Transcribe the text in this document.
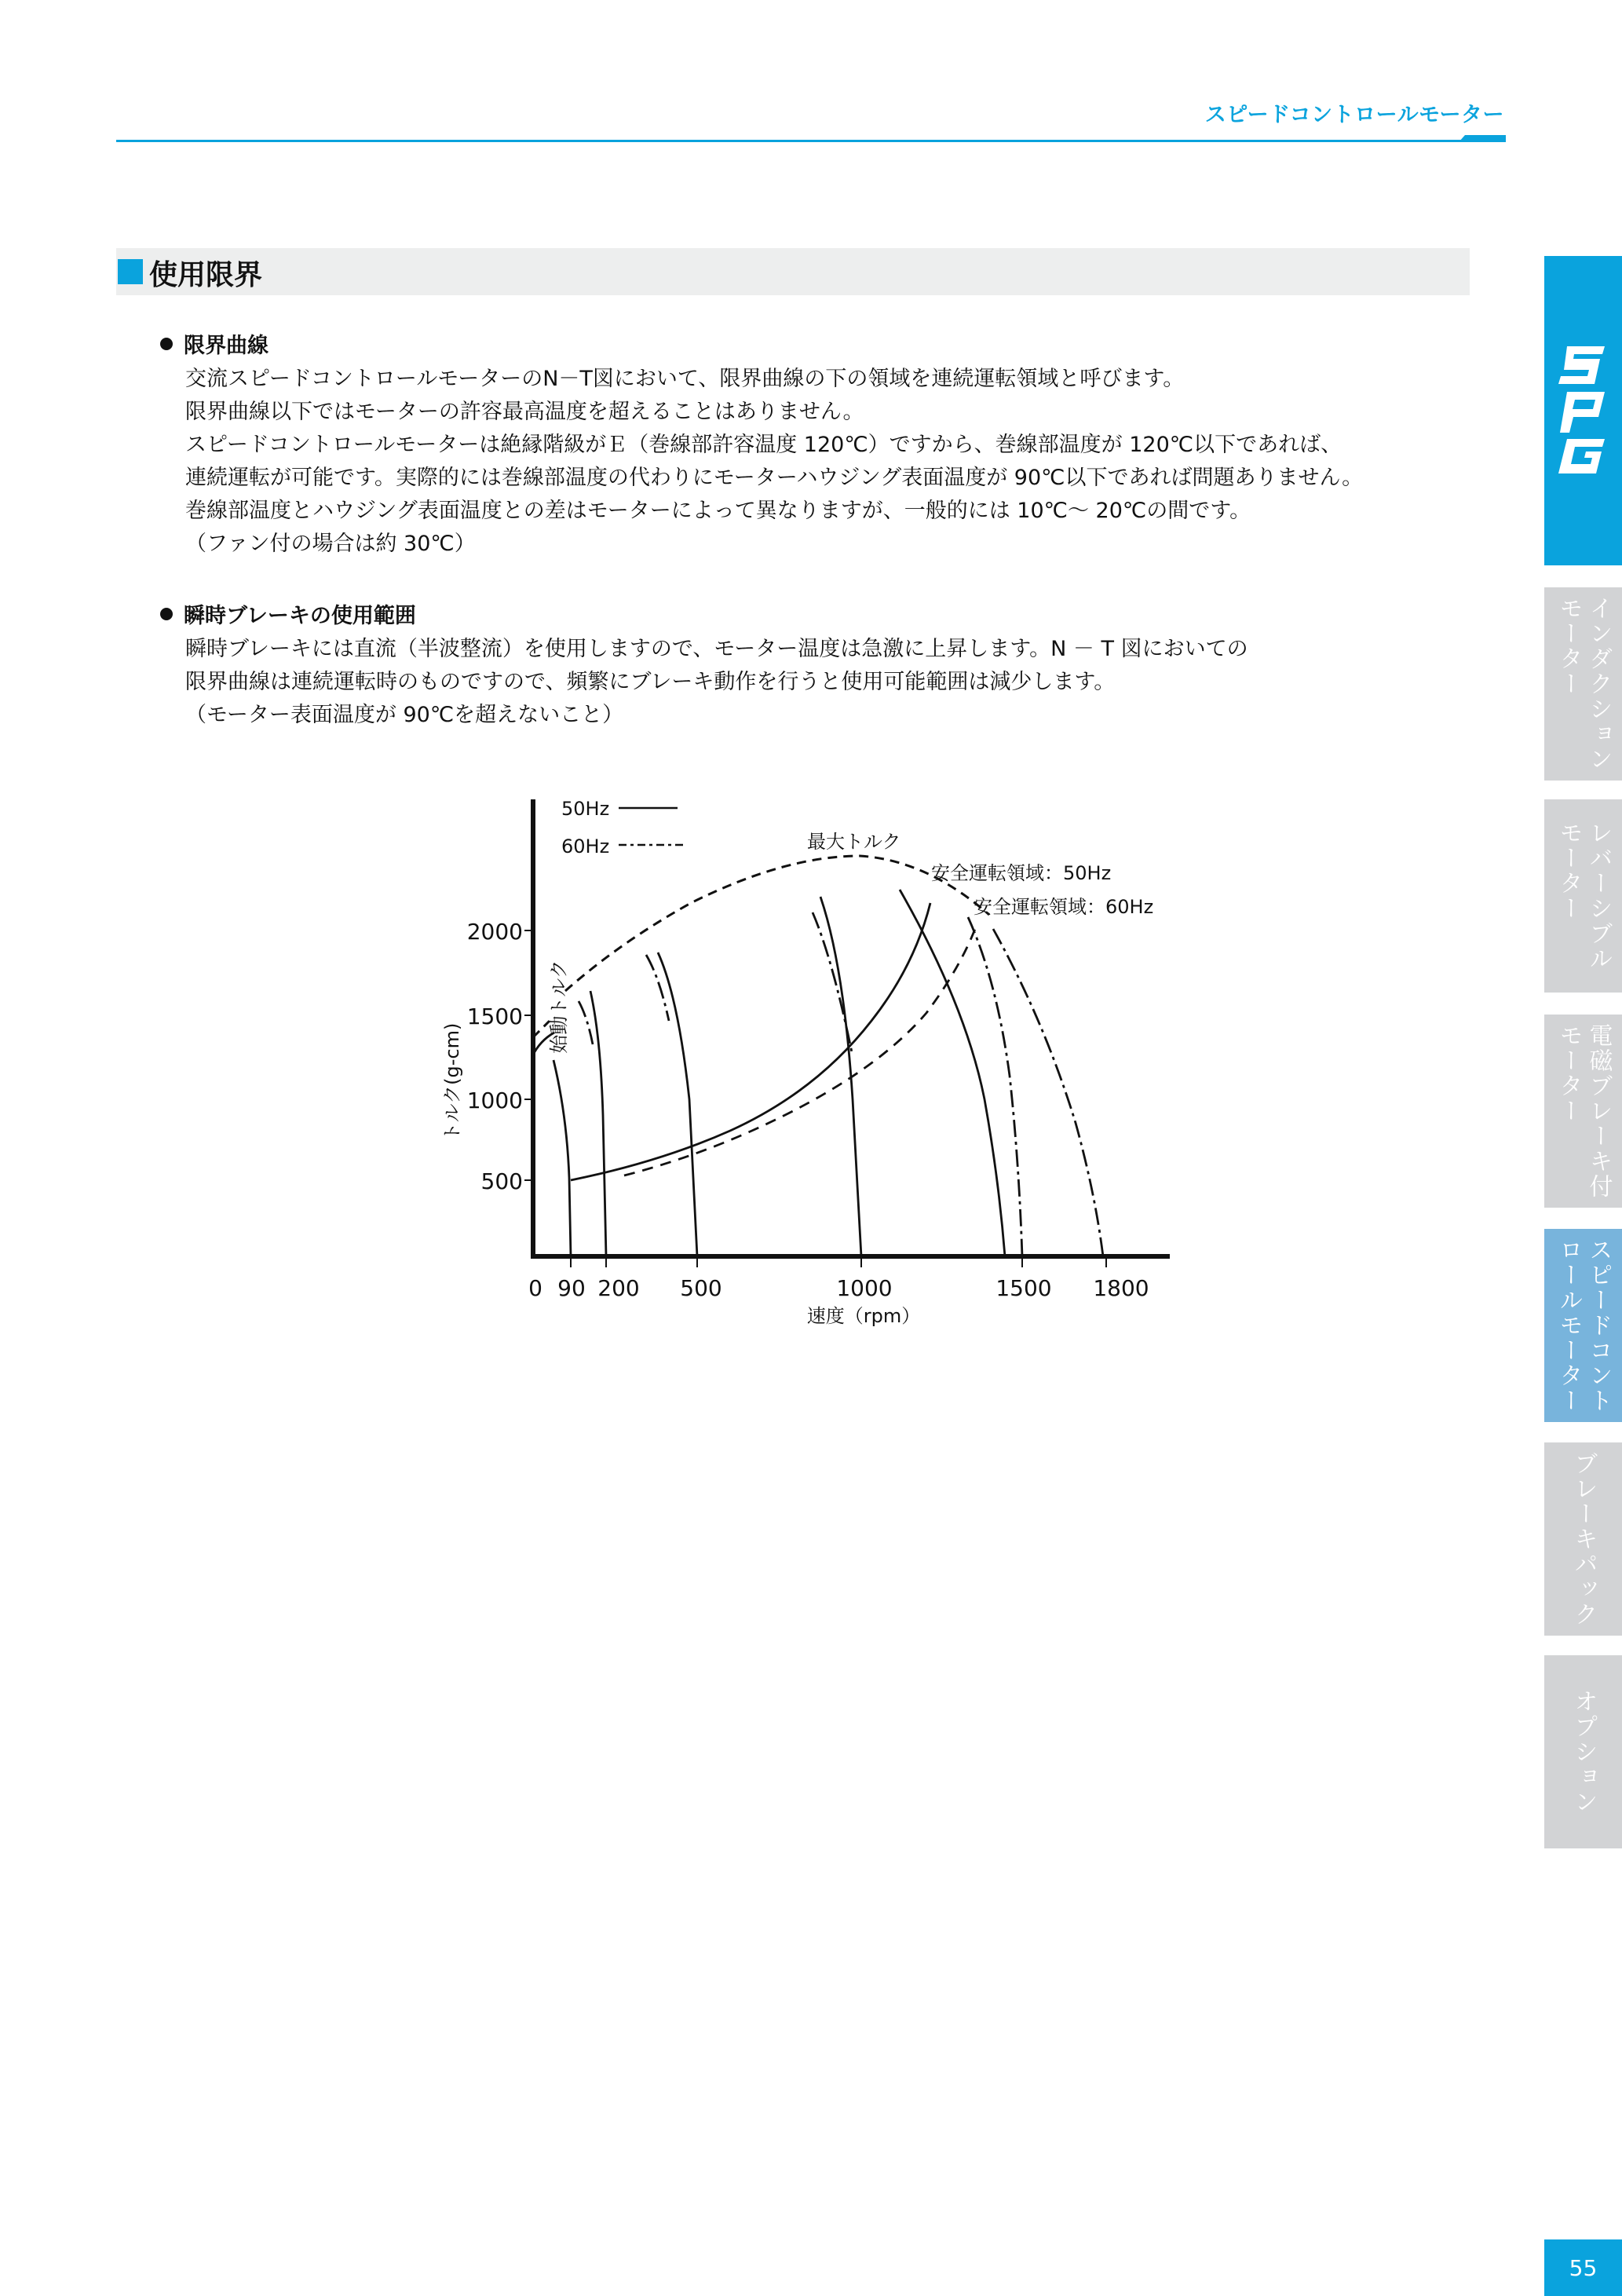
スピードコントロールモーター
使用限界
限界曲線
交流スピードコントロールモーターのN－T図において、限界曲線の下の領域を連続運転領域と呼びます。
限界曲線以下ではモーターの許容最高温度を超えることはありません。
スピードコントロールモーターは絶縁階級がＥ（巻線部許容温度 120℃）ですから、巻線部温度が 120℃以下であれば、
連続運転が可能です。実際的には巻線部温度の代わりにモーターハウジング表面温度が 90℃以下であれば問題ありません。
巻線部温度とハウジング表面温度との差はモーターによって異なりますが、一般的には 10℃～ 20℃の間です。
（ファン付の場合は約 30℃）
瞬時ブレーキの使用範囲
瞬時ブレーキには直流（半波整流）を使用しますので、モーター温度は急激に上昇します。N － T 図においての
限界曲線は連続運転時のものですので、頻繁にブレーキ動作を行うと使用可能範囲は減少します。
（モーター表面温度が 90℃を超えないこと）
2000
1500
1000
500
0 90 200 500	1000	1500 1800
速度（rpm）
トルク(g-cm)
50Hz
60Hz	最大トルク
安全運転領域：50Hz
安全運転領域：60Hz
始動トルク
インダクション
モーター
レバーシブル
モーター
電磁ブレーキ付
モーター
スピードコント
ロールモーター
ブレーキパック
オプション
55
